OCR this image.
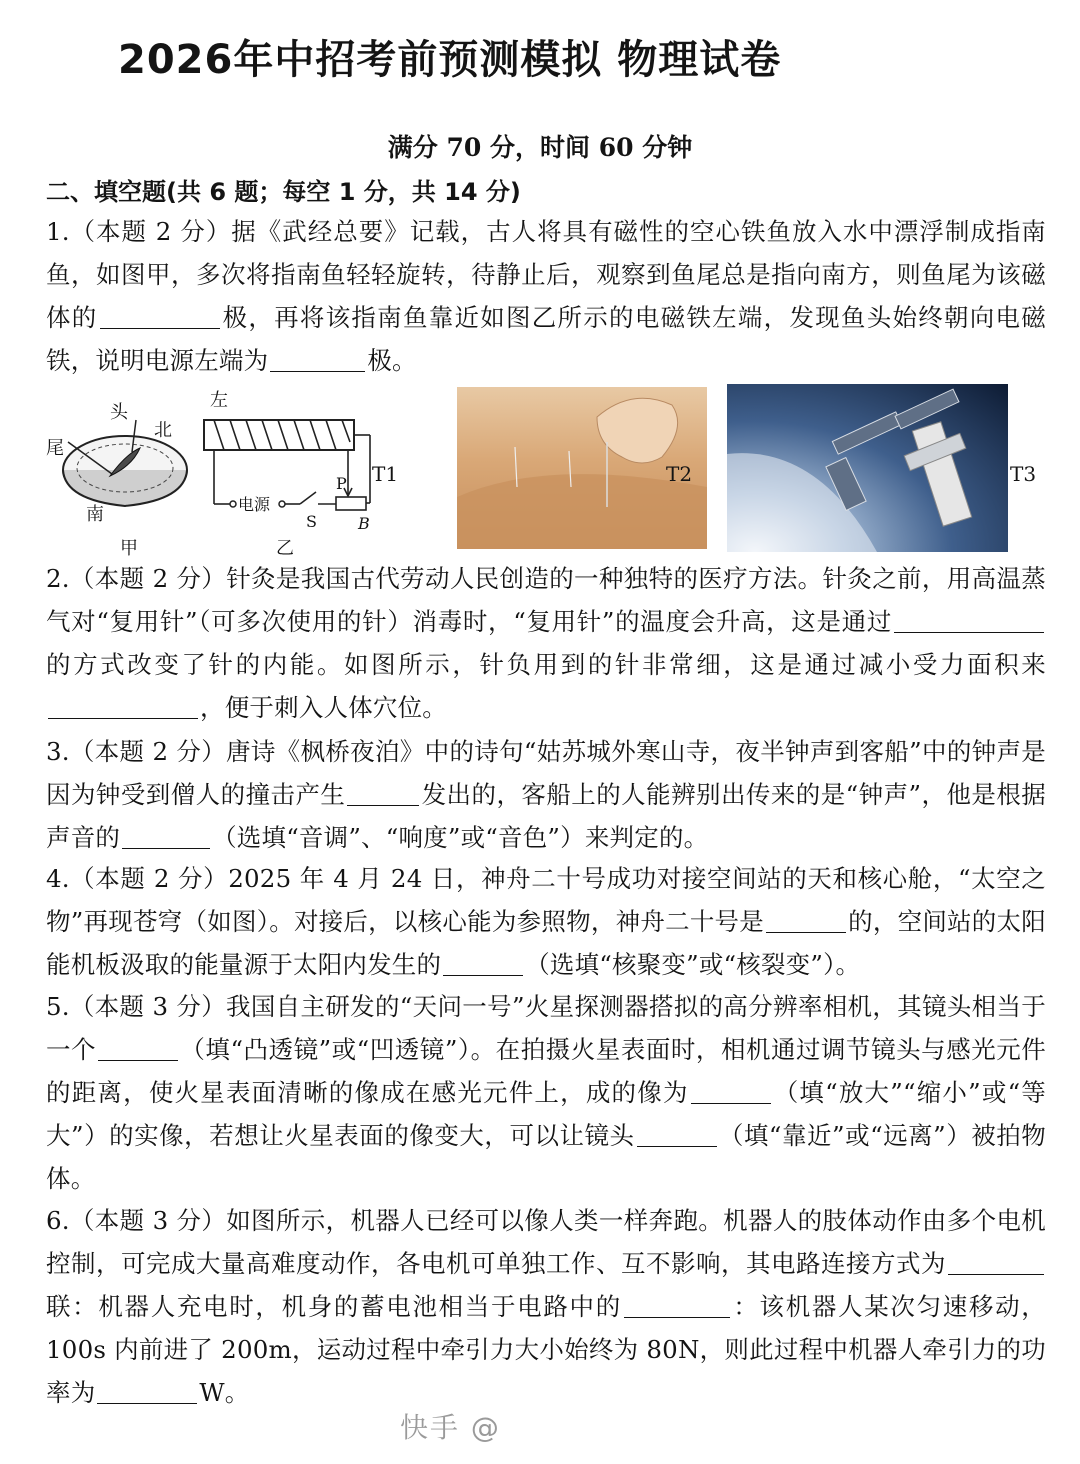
2026年中招考前预测模拟 物理试卷
满分 70 分，时间 60 分钟
二、填空题(共 6 题；每空 1 分，共 14 分)
1.（本题 2 分）据《武经总要》记载，古人将具有磁性的空心铁鱼放入水中漂浮制成指南鱼，如图甲，多次将指南鱼轻轻旋转，待静止后，观察到鱼尾总是指向南方，则鱼尾为该磁体的	极，再将该指南鱼靠近如图乙所示的电磁铁左端，发现鱼头始终朝向电磁铁，说明电源左端为	极。
尾
头
北
南
甲
左
电源
P
S	B
乙
T1	T2	T3
2.（本题 2 分）针灸是我国古代劳动人民创造的一种独特的医疗方法。针灸之前，用高温蒸气对“复用针”（可多次使用的针）消毒时，“复用针”的温度会升高，这是通过的方式改变了针的内能。如图所示，针负用到的针非常细，这是通过减小受力面积来，便于刺入人体穴位。
3.（本题 2 分）唐诗《枫桥夜泊》中的诗句“姑苏城外寒山寺，夜半钟声到客船”中的钟声是因为钟受到僧人的撞击产生	发出的，客船上的人能辨别出传来的是“钟声”，他是根据声音的	（选填“音调”、“响度”或“音色”）来判定的。
4.（本题 2 分）2025 年 4 月 24 日，神舟二十号成功对接空间站的天和核心舱，“太空之物”再现苍穹（如图）。对接后，以核心能为参照物，神舟二十号是	的，空间站的太阳能机板汲取的能量源于太阳内发生的	（选填“核聚变”或“核裂变”）。
5.（本题 3 分）我国自主研发的“天问一号”火星探测器搭拟的高分辨率相机，其镜头相当于一个	（填“凸透镜”或“凹透镜”）。在拍摄火星表面时，相机通过调节镜头与感光元件的距离，使火星表面清晰的像成在感光元件上，成的像为	（填“放大”“缩小”或“等大”）的实像，若想让火星表面的像变大，可以让镜头	（填“靠近”或“远离”）被拍物体。
6.（本题 3 分）如图所示，机器人已经可以像人类一样奔跑。机器人的肢体动作由多个电机控制，可完成大量高难度动作，各电机可单独工作、互不影响，其电路连接方式为联：机器人充电时，机身的蓄电池相当于电路中的	：该机器人某次匀速移动，100s 内前进了 200m，运动过程中牵引力大小始终为 80N，则此过程中机器人牵引力的功率为	W。
快手 @
